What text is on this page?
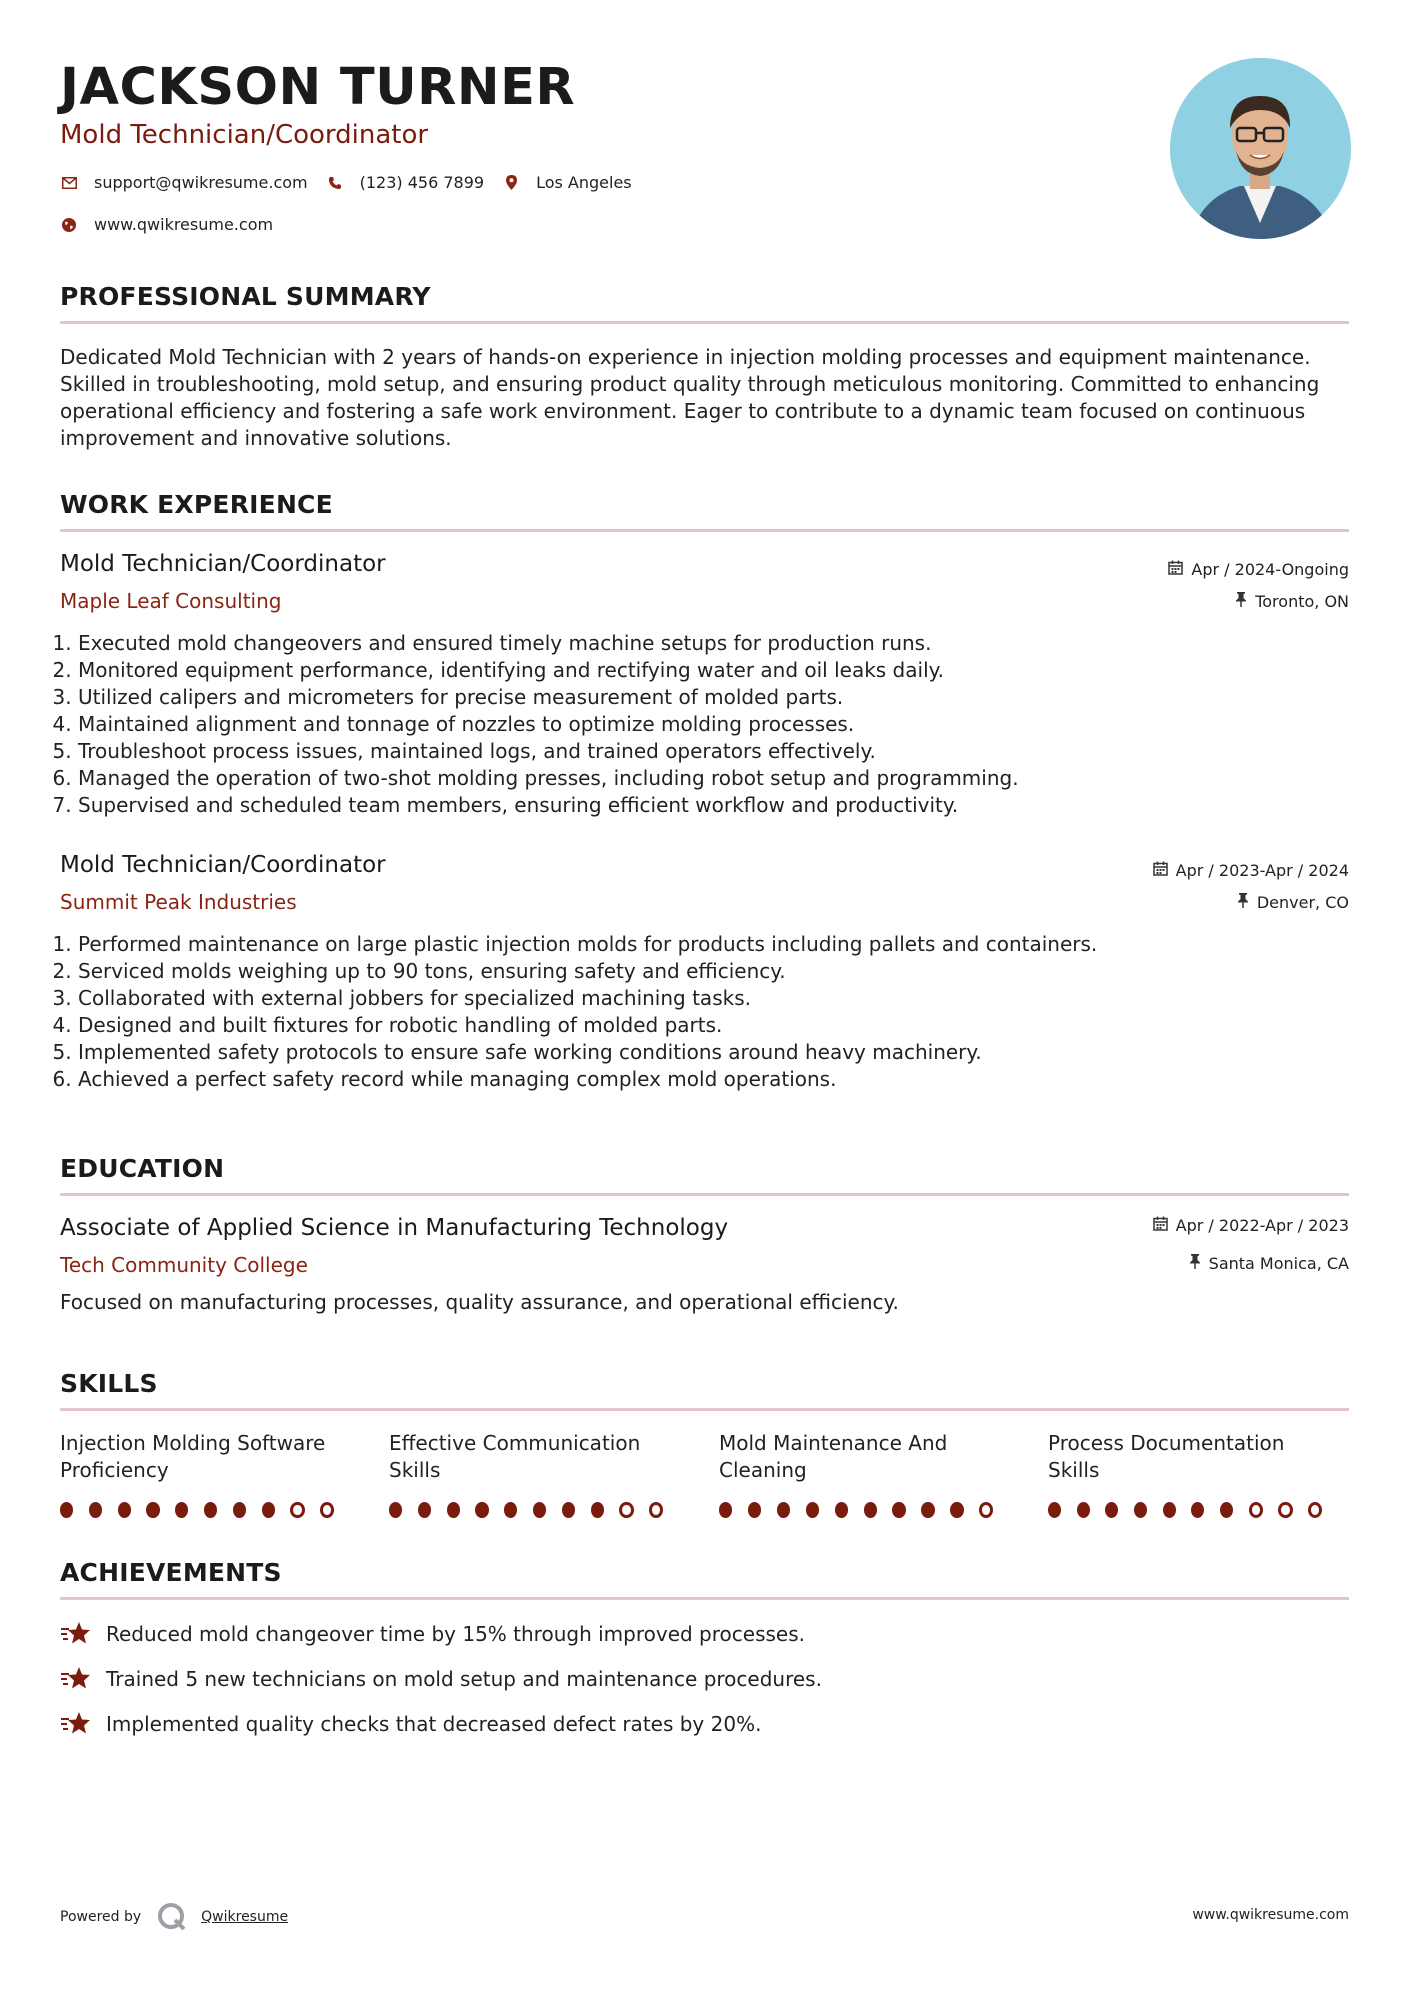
JACKSON TURNER
Mold Technician/Coordinator
support@qwikresume.com	(123) 456 7899	Los Angeles
www.qwikresume.com
PROFESSIONAL SUMMARY
Dedicated Mold Technician with 2 years of hands-on experience in injection molding processes and equipment maintenance. Skilled in troubleshooting, mold setup, and ensuring product quality through meticulous monitoring. Committed to enhancing operational efficiency and fostering a safe work environment. Eager to contribute to a dynamic team focused on continuous improvement and innovative solutions.
WORK EXPERIENCE
Mold Technician/Coordinator
Maple Leaf Consulting
Apr / 2024-Ongoing
Toronto, ON
1. Executed mold changeovers and ensured timely machine setups for production runs.
2. Monitored equipment performance, identifying and rectifying water and oil leaks daily.
3. Utilized calipers and micrometers for precise measurement of molded parts.
4. Maintained alignment and tonnage of nozzles to optimize molding processes.
5. Troubleshoot process issues, maintained logs, and trained operators effectively.
6. Managed the operation of two-shot molding presses, including robot setup and programming.
7. Supervised and scheduled team members, ensuring efficient workflow and productivity.
Mold Technician/Coordinator
Summit Peak Industries
Apr / 2023-Apr / 2024
Denver, CO
1. Performed maintenance on large plastic injection molds for products including pallets and containers.
2. Serviced molds weighing up to 90 tons, ensuring safety and efficiency.
3. Collaborated with external jobbers for specialized machining tasks.
4. Designed and built fixtures for robotic handling of molded parts.
5. Implemented safety protocols to ensure safe working conditions around heavy machinery.
6. Achieved a perfect safety record while managing complex mold operations.
EDUCATION
Associate of Applied Science in Manufacturing Technology
Tech Community College
Apr / 2022-Apr / 2023
Santa Monica, CA
Focused on manufacturing processes, quality assurance, and operational efficiency.
SKILLS
Injection Molding Software Proficiency
Effective Communication Skills
Mold Maintenance And Cleaning
Process Documentation Skills
ACHIEVEMENTS
Reduced mold changeover time by 15% through improved processes.
Trained 5 new technicians on mold setup and maintenance procedures.
Implemented quality checks that decreased defect rates by 20%.
Powered by	Qwikresume	www.qwikresume.com
